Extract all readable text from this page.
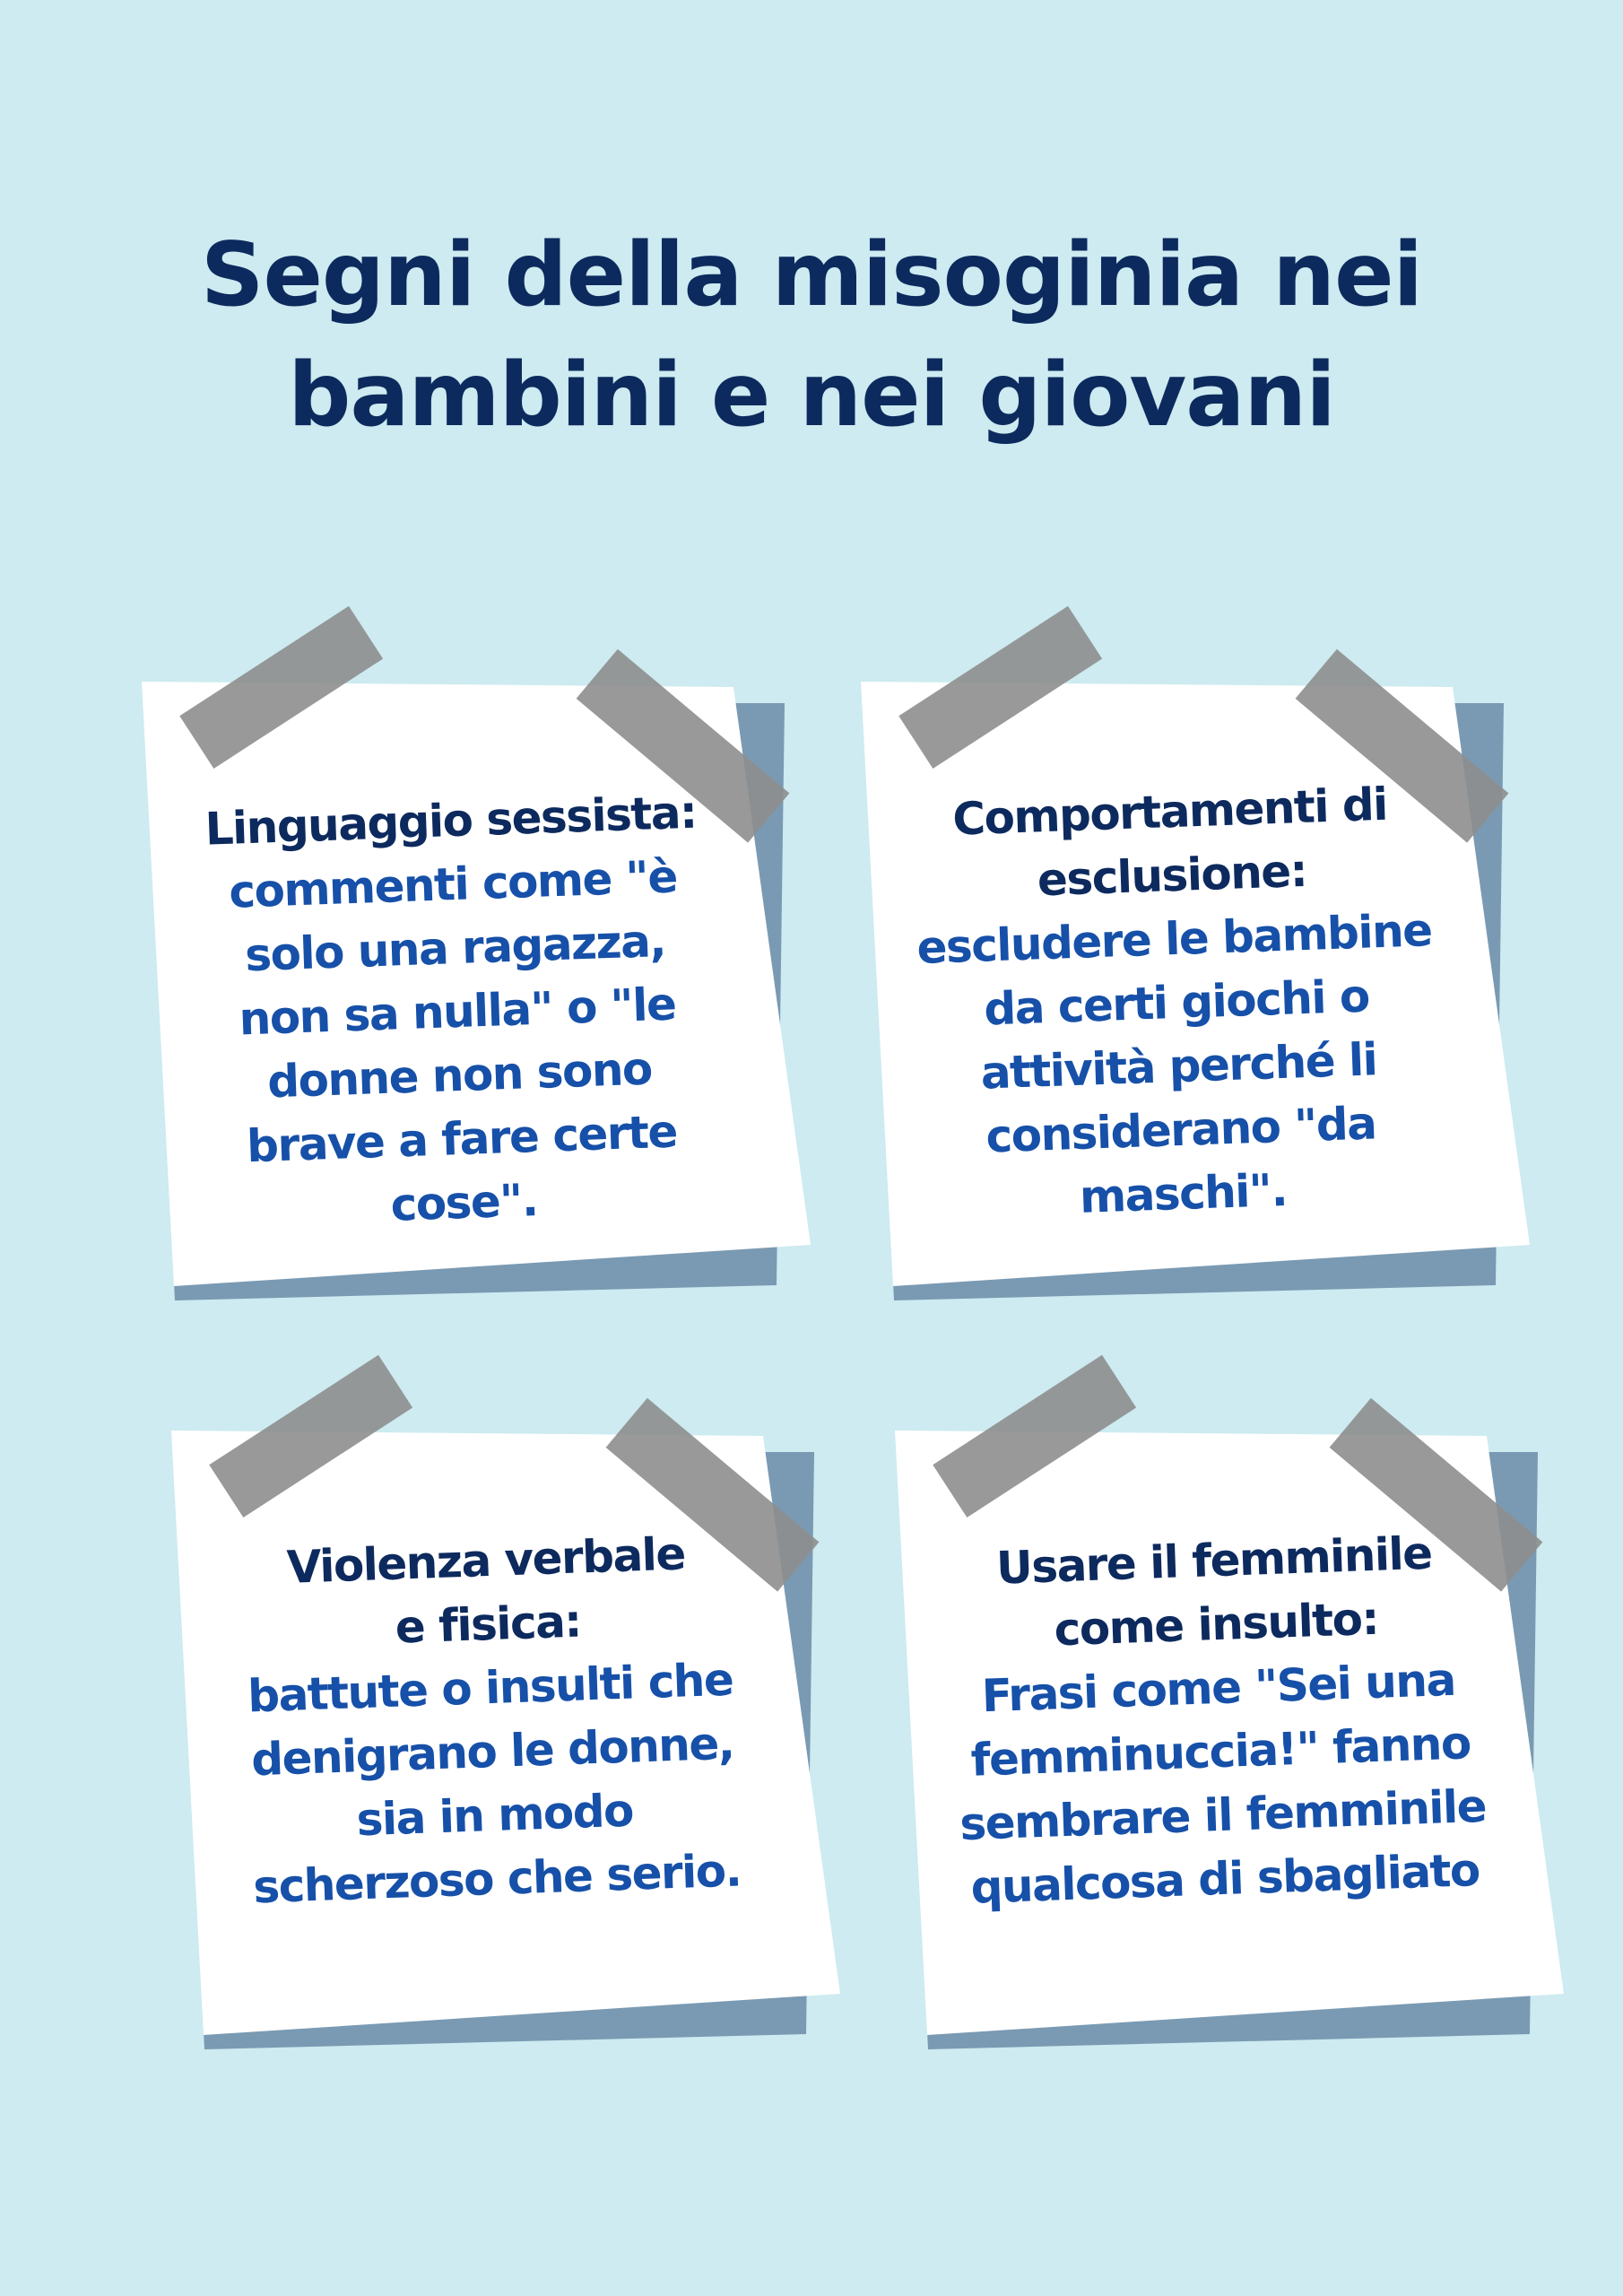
Segni della misoginia nei
bambini e nei giovani
Linguaggio sessista:
commenti come "è
solo una ragazza,
non sa nulla" o "le
donne non sono
brave a fare certe
cose".
Comportamenti di
esclusione:
escludere le bambine
da certi giochi o
attività perché li
considerano "da
maschi".
Violenza verbale
e fisica:
battute o insulti che
denigrano le donne,
sia in modo
scherzoso che serio.
Usare il femminile
come insulto:
Frasi come "Sei una
femminuccia!" fanno
sembrare il femminile
qualcosa di sbagliato
